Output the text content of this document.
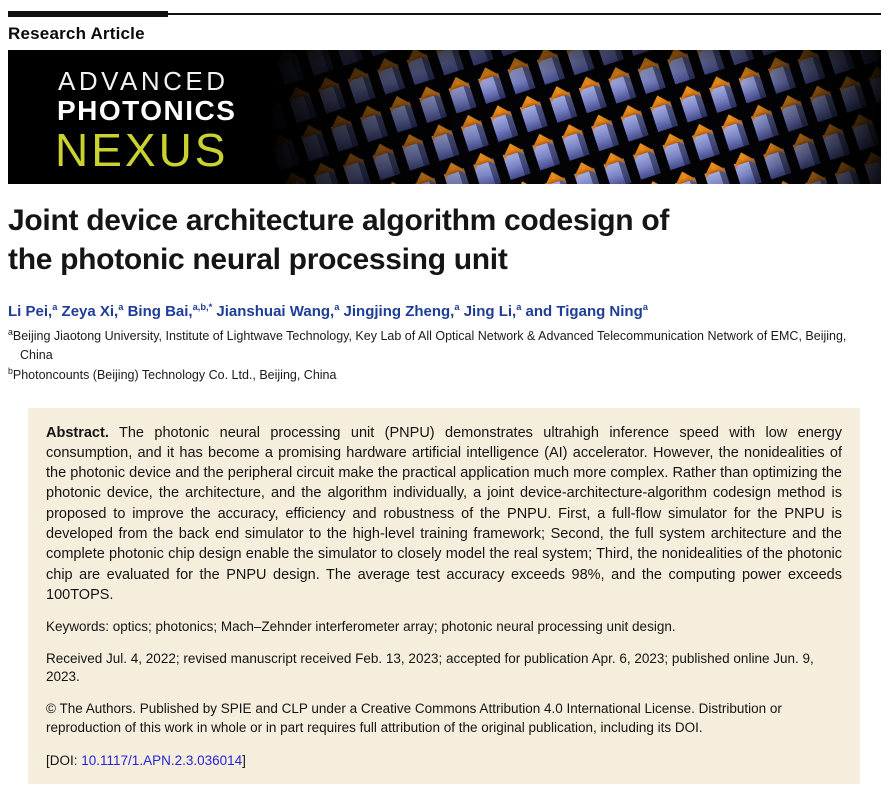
Research Article
ADVANCED
PHOTONICS
NEXUS
Joint device architecture algorithm codesign of
the photonic neural processing unit
Li Pei,$^a$ Zeya Xi,$^a$ Bing Bai,$^{a,b,*}$ Jianshuai Wang,$^a$ Jingjing Zheng,$^a$ Jing Li,$^a$ and Tigang Ning$^a$
$^a$Beijing Jiaotong University, Institute of Lightwave Technology, Key Lab of All Optical Network & Advanced Telecommunication Network of EMC, Beijing, China
$^b$Photoncounts (Beijing) Technology Co. Ltd., Beijing, China

Abstract. The photonic neural processing unit (PNPU) demonstrates ultrahigh inference speed with low energy consumption, and it has become a promising hardware artificial intelligence (AI) accelerator. However, the nonidealities of the photonic device and the peripheral circuit make the practical application much more complex. Rather than optimizing the photonic device, the architecture, and the algorithm individually, a joint device-architecture-algorithm codesign method is proposed to improve the accuracy, efficiency and robustness of the PNPU. First, a full-flow simulator for the PNPU is developed from the back end simulator to the high-level training framework; Second, the full system architecture and the complete photonic chip design enable the simulator to closely model the real system; Third, the nonidealities of the photonic chip are evaluated for the PNPU design. The average test accuracy exceeds 98%, and the computing power exceeds 100TOPS.

Keywords: optics; photonics; Mach–Zehnder interferometer array; photonic neural processing unit design.

Received Jul. 4, 2022; revised manuscript received Feb. 13, 2023; accepted for publication Apr. 6, 2023; published online Jun. 9, 2023.

© The Authors. Published by SPIE and CLP under a Creative Commons Attribution 4.0 International License. Distribution or reproduction of this work in whole or in part requires full attribution of the original publication, including its DOI.

[DOI: 10.1117/1.APN.2.3.036014]
